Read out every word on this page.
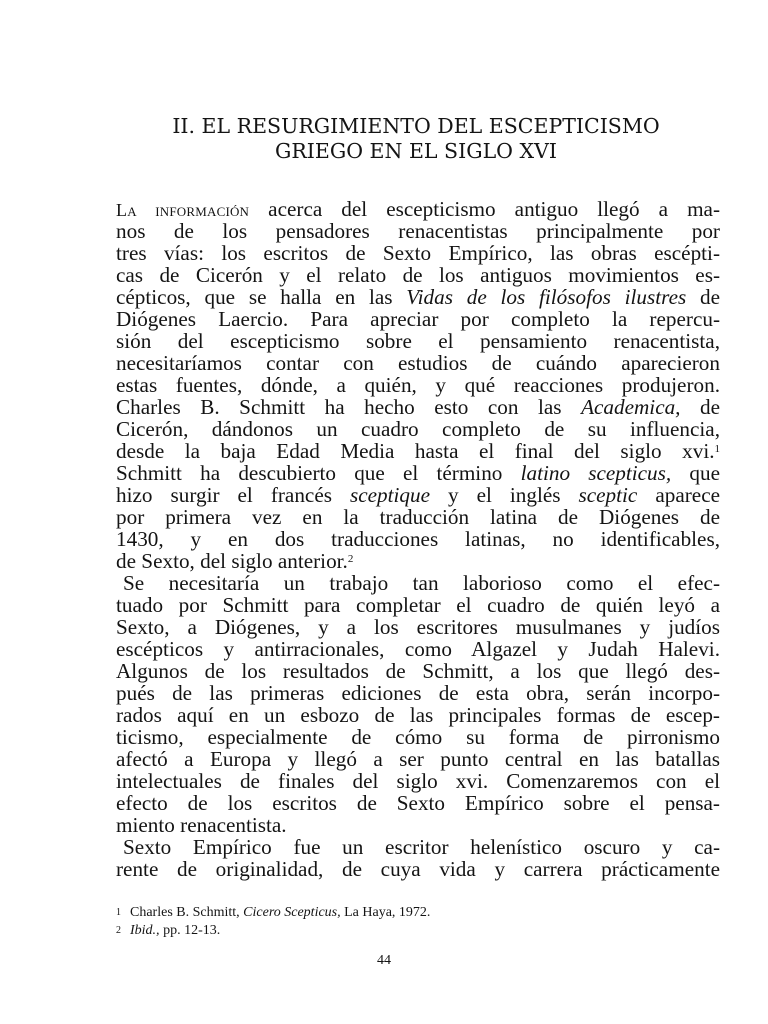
II. EL RESURGIMIENTO DEL ESCEPTICISMO
GRIEGO EN EL SIGLO XVI
La información acerca del escepticismo antiguo llegó a ma-
nos de los pensadores renacentistas principalmente por
tres vías: los escritos de Sexto Empírico, las obras escépti-
cas de Cicerón y el relato de los antiguos movimientos es-
cépticos, que se halla en las Vidas de los filósofos ilustres de
Diógenes Laercio. Para apreciar por completo la repercu-
sión del escepticismo sobre el pensamiento renacentista,
necesitaríamos contar con estudios de cuándo aparecieron
estas fuentes, dónde, a quién, y qué reacciones produjeron.
Charles B. Schmitt ha hecho esto con las Academica, de
Cicerón, dándonos un cuadro completo de su influencia,
desde la baja Edad Media hasta el final del siglo xvi.$^1$
Schmitt ha descubierto que el término latino scepticus, que
hizo surgir el francés sceptique y el inglés sceptic aparece
por primera vez en la traducción latina de Diógenes de
1430, y en dos traducciones latinas, no identificables,
de Sexto, del siglo anterior.$^2$
Se necesitaría un trabajo tan laborioso como el efec-
tuado por Schmitt para completar el cuadro de quién leyó a
Sexto, a Diógenes, y a los escritores musulmanes y judíos
escépticos y antirracionales, como Algazel y Judah Halevi.
Algunos de los resultados de Schmitt, a los que llegó des-
pués de las primeras ediciones de esta obra, serán incorpo-
rados aquí en un esbozo de las principales formas de escep-
ticismo, especialmente de cómo su forma de pirronismo
afectó a Europa y llegó a ser punto central en las batallas
intelectuales de finales del siglo xvi. Comenzaremos con el
efecto de los escritos de Sexto Empírico sobre el pensa-
miento renacentista.
Sexto Empírico fue un escritor helenístico oscuro y ca-
rente de originalidad, de cuya vida y carrera prácticamente
1 Charles B. Schmitt, Cicero Scepticus, La Haya, 1972.
2 Ibid., pp. 12-13.
44
